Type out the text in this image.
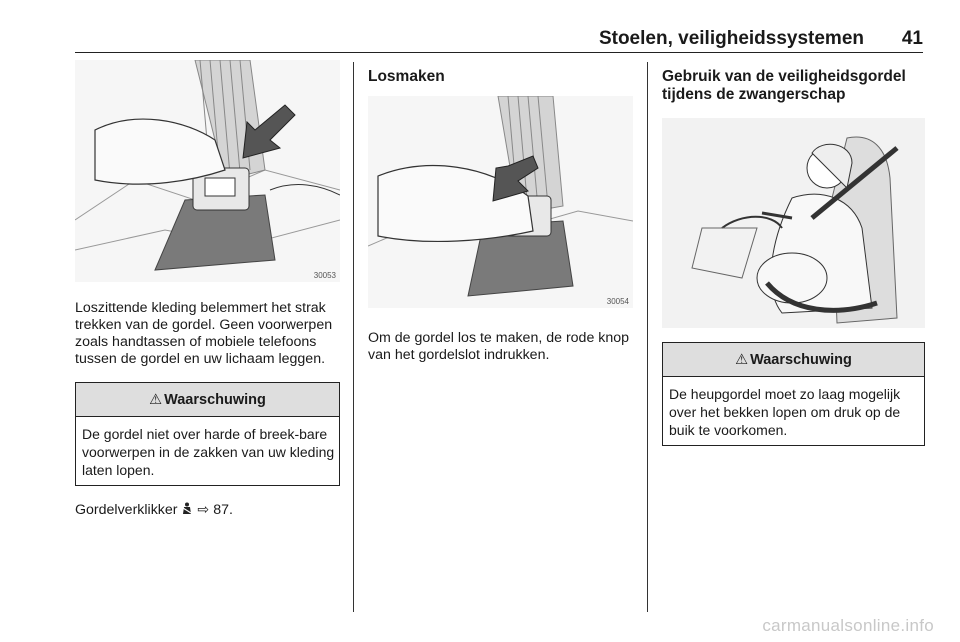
Stoelen, veiligheidssystemen 41
30053

Loszittende kleding belemmert het strak trekken van de gordel. Geen voorwerpen zoals handtassen of mobiele telefoons tussen de gordel en uw lichaam leggen.

⚠ Waarschuwing
De gordel niet over harde of breek-bare voorwerpen in de zakken van uw kleding laten lopen.

Gordelverklikker ⇨ 87.

Losmaken

30054

Om de gordel los te maken, de rode knop van het gordelslot indrukken.

Gebruik van de veiligheidsgordel tijdens de zwangerschap

⚠ Waarschuwing
De heupgordel moet zo laag mogelijk over het bekken lopen om druk op de buik te voorkomen.
carmanualsonline.info
